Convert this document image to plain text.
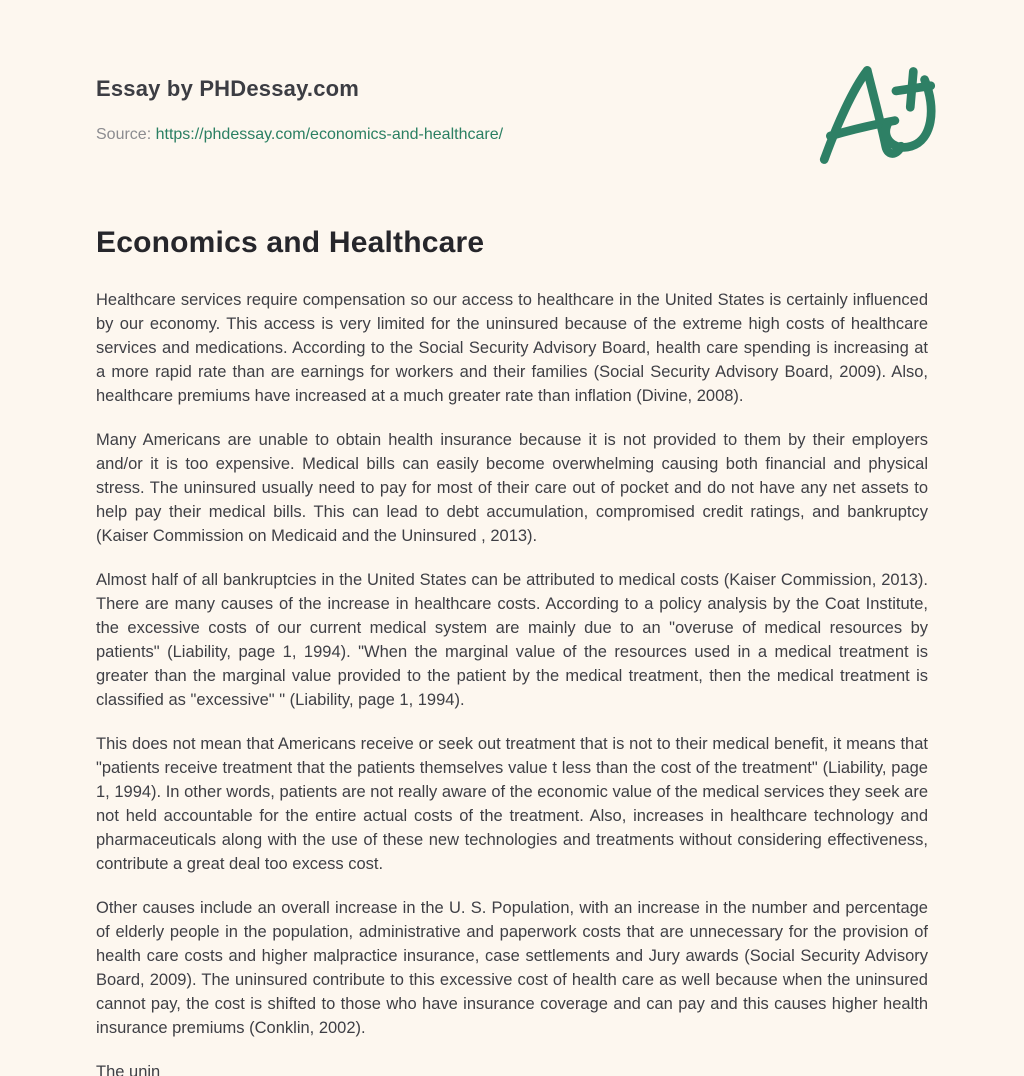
Essay by PHDessay.com
Source: https://phdessay.com/economics-and-healthcare/
Economics and Healthcare

Healthcare services require compensation so our access to healthcare in the United States is certainly influenced by our economy. This access is very limited for the uninsured because of the extreme high costs of healthcare services and medications. According to the Social Security Advisory Board, health care spending is increasing at a more rapid rate than are earnings for workers and their families (Social Security Advisory Board, 2009). Also, healthcare premiums have increased at a much greater rate than inflation (Divine, 2008).

Many Americans are unable to obtain health insurance because it is not provided to them by their employers and/or it is too expensive. Medical bills can easily become overwhelming causing both financial and physical stress. The uninsured usually need to pay for most of their care out of pocket and do not have any net assets to help pay their medical bills. This can lead to debt accumulation, compromised credit ratings, and bankruptcy (Kaiser Commission on Medicaid and the Uninsured , 2013).

Almost half of all bankruptcies in the United States can be attributed to medical costs (Kaiser Commission, 2013). There are many causes of the increase in healthcare costs. According to a policy analysis by the Coat Institute, the excessive costs of our current medical system are mainly due to an "overuse of medical resources by patients" (Liability, page 1, 1994). "When the marginal value of the resources used in a medical treatment is greater than the marginal value provided to the patient by the medical treatment, then the medical treatment is classified as "excessive" " (Liability, page 1, 1994).

This does not mean that Americans receive or seek out treatment that is not to their medical benefit, it means that "patients receive treatment that the patients themselves value t less than the cost of the treatment" (Liability, page 1, 1994). In other words, patients are not really aware of the economic value of the medical services they seek are not held accountable for the entire actual costs of the treatment. Also, increases in healthcare technology and pharmaceuticals along with the use of these new technologies and treatments without considering effectiveness, contribute a great deal too excess cost.

Other causes include an overall increase in the U. S. Population, with an increase in the number and percentage of elderly people in the population, administrative and paperwork costs that are unnecessary for the provision of health care costs and higher malpractice insurance, case settlements and Jury awards (Social Security Advisory Board, 2009). The uninsured contribute to this excessive cost of health care as well because when the uninsured cannot pay, the cost is shifted to those who have insurance coverage and can pay and this causes higher health insurance premiums (Conklin, 2002).

The unin
